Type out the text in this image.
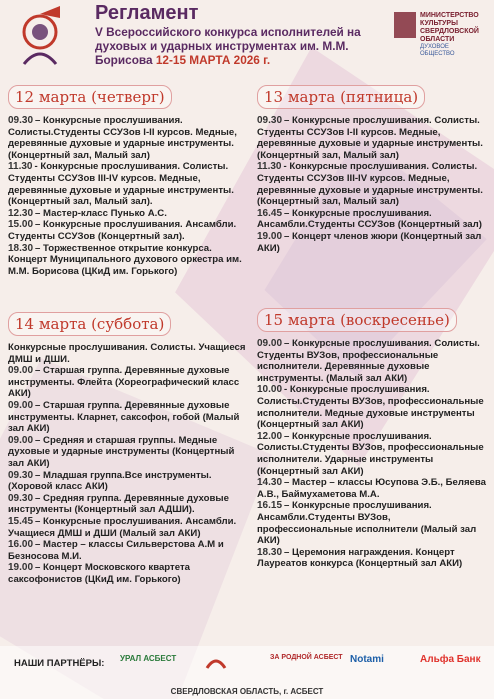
Регламент
V Всероссийского конкурса исполнителей на духовых и ударных инструментах им. М.М. Борисова 12-15 МАРТА 2026 г.
МИНИСТЕРСТВО КУЛЬТУРЫ СВЕРДЛОВСКОЙ ОБЛАСТИ
ДУХОВОЕ ОБЩЕСТВО
12 марта (четверг)
09.30 – Конкурсные прослушивания. Солисты.Студенты ССУЗов I-II курсов. Медные, деревянные духовые и ударные инструменты. (Концертный зал, Малый зал)
11.30 - Конкурсные прослушивания. Солисты. Студенты ССУЗов III-IV курсов. Медные, деревянные духовые и ударные инструменты. (Концертный зал, Малый зал).
12.30 – Мастер-класс Пунько А.С.
15.00 – Конкурсные прослушивания. Ансамбли. Студенты ССУЗов (Концертный зал).
18.30 – Торжественное открытие конкурса. Концерт Муниципального духового оркестра им. М.М. Борисова (ЦКиД им. Горького)
13 марта (пятница)
09.30 – Конкурсные прослушивания. Солисты. Студенты ССУЗов I-II курсов. Медные, деревянные духовые и ударные инструменты. (Концертный зал, Малый зал)
11.30 - Конкурсные прослушивания. Солисты. Студенты ССУЗов III-IV курсов. Медные, деревянные духовые и ударные инструменты. (Концертный зал, Малый зал)
16.45 – Конкурсные прослушивания. Ансамбли.Студенты ССУЗов (Концертный зал)
19.00 – Концерт членов жюри (Концертный зал АКИ)
14 марта (суббота)
Конкурсные прослушивания. Солисты. Учащиеся ДМШ и ДШИ.
09.00 – Старшая группа. Деревянные духовые инструменты. Флейта (Хореографический класс АКИ)
09.00 – Старшая группа. Деревянные духовые инструменты. Кларнет, саксофон, гобой (Малый зал АКИ)
09.00 – Средняя и старшая группы. Медные духовые и ударные инструменты (Концертный зал АКИ)
09.30 – Младшая группа.Все инструменты. (Хоровой класс АКИ)
09.30 – Средняя группа. Деревянные духовые инструменты (Концертный зал АДШИ).
15.45 – Конкурсные прослушивания. Ансамбли. Учащиеся ДМШ и ДШИ (Малый зал АКИ)
16.00 – Мастер – классы Сильверстова А.М и Безносова М.И.
19.00 – Концерт Московского квартета саксофонистов (ЦКиД им. Горького)
15 марта (воскресенье)
09.00 – Конкурсные прослушивания. Солисты. Студенты ВУЗов, профессиональные исполнители. Деревянные духовые инструменты. (Малый зал АКИ)
10.00 - Конкурсные прослушивания. Солисты.Студенты ВУЗов, профессиональные исполнители. Медные духовые инструменты (Концертный зал АКИ)
12.00 – Конкурсные прослушивания. Солисты.Студенты ВУЗов, профессиональные исполнители. Ударные инструменты (Концертный зал АКИ)
14.30 – Мастер – классы Юсупова Э.Б., Беляева А.В., Баймухаметова М.А.
16.15 – Конкурсные прослушивания. Ансамбли.Студенты ВУЗов, профессиональные исполнители (Малый зал АКИ)
18.30 – Церемония награждения. Концерт Лауреатов конкурса (Концертный зал АКИ)
НАШИ ПАРТНЁРЫ: УРАЛ АСБЕСТ	ЗА РОДНОЙ АСБЕСТ Notami	Альфа Банк
СВЕРДЛОВСКАЯ ОБЛАСТЬ, г. АСБЕСТ
